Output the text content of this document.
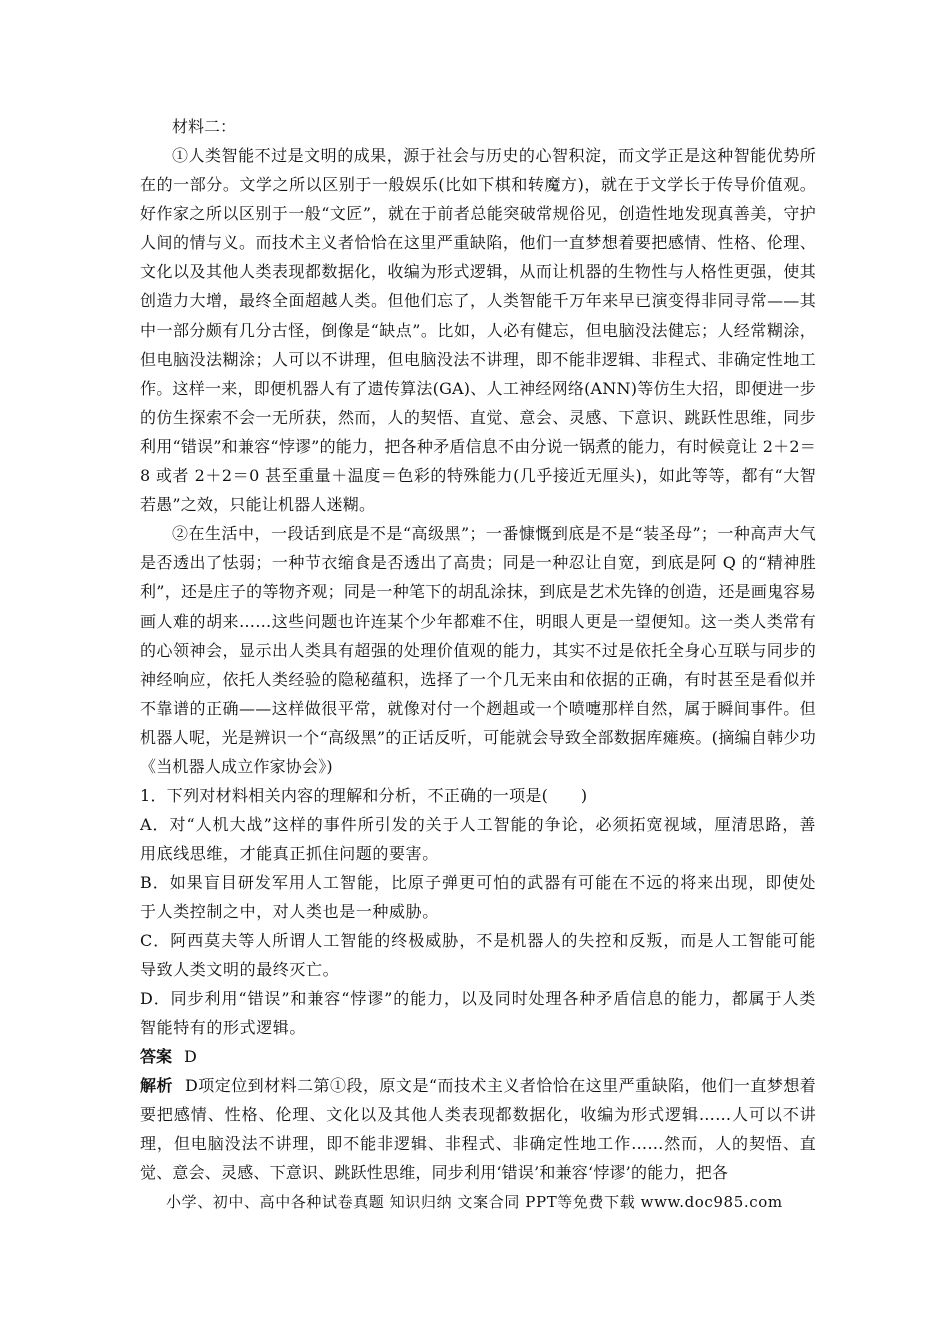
材料二：

①人类智能不过是文明的成果，源于社会与历史的心智积淀，而文学正是这种智能优势所在的一部分。文学之所以区别于一般娱乐(比如下棋和转魔方)，就在于文学长于传导价值观。好作家之所以区别于一般“文匠”，就在于前者总能突破常规俗见，创造性地发现真善美，守护人间的情与义。而技术主义者恰恰在这里严重缺陷，他们一直梦想着要把感情、性格、伦理、文化以及其他人类表现都数据化，收编为形式逻辑，从而让机器的生物性与人格性更强，使其创造力大增，最终全面超越人类。但他们忘了，人类智能千万年来早已演变得非同寻常——其中一部分颇有几分古怪，倒像是“缺点”。比如，人必有健忘，但电脑没法健忘；人经常糊涂，但电脑没法糊涂；人可以不讲理，但电脑没法不讲理，即不能非逻辑、非程式、非确定性地工作。这样一来，即便机器人有了遗传算法(GA)、人工神经网络(ANN)等仿生大招，即便进一步的仿生探索不会一无所获，然而，人的契悟、直觉、意会、灵感、下意识、跳跃性思维，同步利用“错误”和兼容“悖谬”的能力，把各种矛盾信息不由分说一锅煮的能力，有时候竟让 2＋2＝8 或者 2＋2＝0 甚至重量＋温度＝色彩的特殊能力(几乎接近无厘头)，如此等等，都有“大智若愚”之效，只能让机器人迷糊。

②在生活中，一段话到底是不是“高级黑”；一番慷慨到底是不是“装圣母”；一种高声大气是否透出了怯弱；一种节衣缩食是否透出了高贵；同是一种忍让自宽，到底是阿 Q 的“精神胜利”，还是庄子的等物齐观；同是一种笔下的胡乱涂抹，到底是艺术先锋的创造，还是画鬼容易画人难的胡来……这些问题也许连某个少年都难不住，明眼人更是一望便知。这一类人类常有的心领神会，显示出人类具有超强的处理价值观的能力，其实不过是依托全身心互联与同步的神经响应，依托人类经验的隐秘蕴积，选择了一个几无来由和依据的正确，有时甚至是看似并不靠谱的正确——这样做很平常，就像对付一个趔趄或一个喷嚏那样自然，属于瞬间事件。但机器人呢，光是辨识一个“高级黑”的正话反听，可能就会导致全部数据库瘫痪。(摘编自韩少功《当机器人成立作家协会》)

1．下列对材料相关内容的理解和分析，不正确的一项是(　　)

A．对“人机大战”这样的事件所引发的关于人工智能的争论，必须拓宽视域，厘清思路，善用底线思维，才能真正抓住问题的要害。

B．如果盲目研发军用人工智能，比原子弹更可怕的武器有可能在不远的将来出现，即使处于人类控制之中，对人类也是一种威胁。

C．阿西莫夫等人所谓人工智能的终极威胁，不是机器人的失控和反叛，而是人工智能可能导致人类文明的最终灭亡。

D．同步利用“错误”和兼容“悖谬”的能力，以及同时处理各种矛盾信息的能力，都属于人类智能特有的形式逻辑。

答案 D

解析 D项定位到材料二第①段，原文是“而技术主义者恰恰在这里严重缺陷，他们一直梦想着要把感情、性格、伦理、文化以及其他人类表现都数据化，收编为形式逻辑……人可以不讲理，但电脑没法不讲理，即不能非逻辑、非程式、非确定性地工作……然而，人的契悟、直觉、意会、灵感、下意识、跳跃性思维，同步利用‘错误’和兼容‘悖谬’的能力，把各

小学、初中、高中各种试卷真题 知识归纳 文案合同 PPT等免费下载 www.doc985.com
